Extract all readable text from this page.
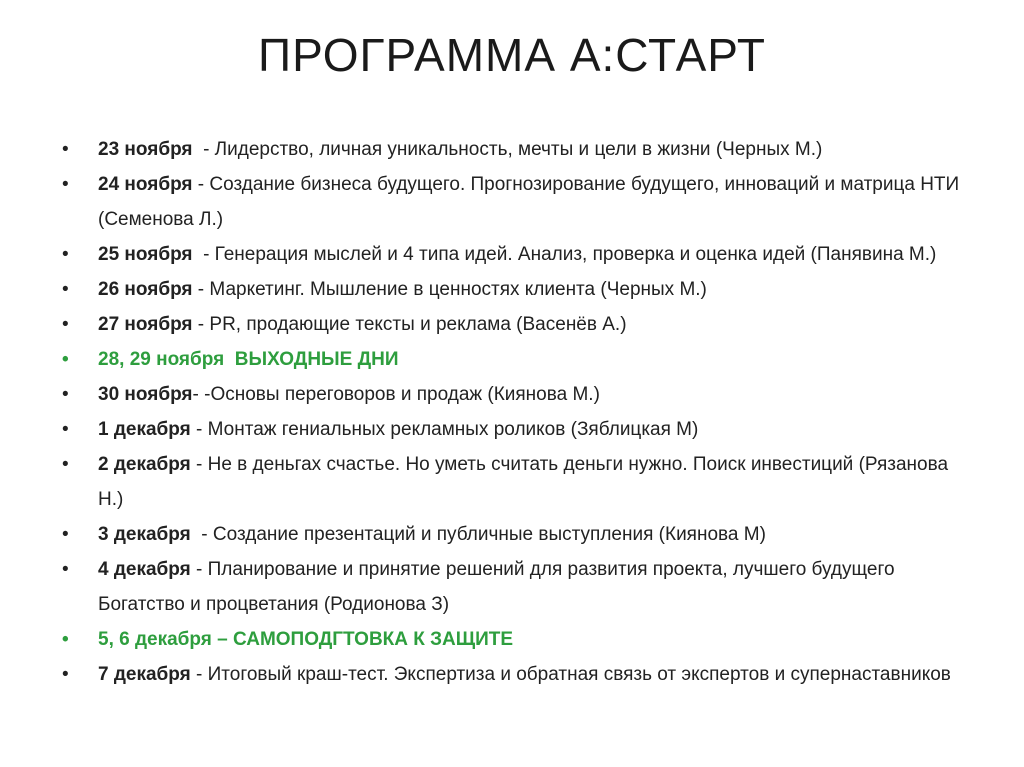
ПРОГРАММА А:СТАРТ
• 23 ноября  - Лидерство, личная уникальность, мечты и цели в жизни (Черных М.)
• 24 ноября - Создание бизнеса будущего. Прогнозирование будущего, инноваций и матрица НТИ (Семенова Л.)
• 25 ноября  - Генерация мыслей и 4 типа идей. Анализ, проверка и оценка идей (Панявина М.)
• 26 ноября - Маркетинг. Мышление в ценностях клиента (Черных М.)
• 27 ноября - PR, продающие тексты и реклама (Васенёв А.)
• 28, 29 ноября  ВЫХОДНЫЕ ДНИ
• 30 ноября- -Основы переговоров и продаж (Киянова М.)
• 1 декабря - Монтаж гениальных рекламных роликов (Зяблицкая М)
• 2 декабря - Не в деньгах счастье. Но уметь считать деньги нужно. Поиск инвестиций (Рязанова Н.)
• 3 декабря  - Создание презентаций и публичные выступления (Киянова М)
• 4 декабря - Планирование и принятие решений для развития проекта, лучшего будущего Богатство и процветания (Родионова З)
• 5, 6 декабря – САМОПОДГТОВКА К ЗАЩИТЕ
• 7 декабря - Итоговый краш-тест. Экспертиза и обратная связь от экспертов и супернаставников
